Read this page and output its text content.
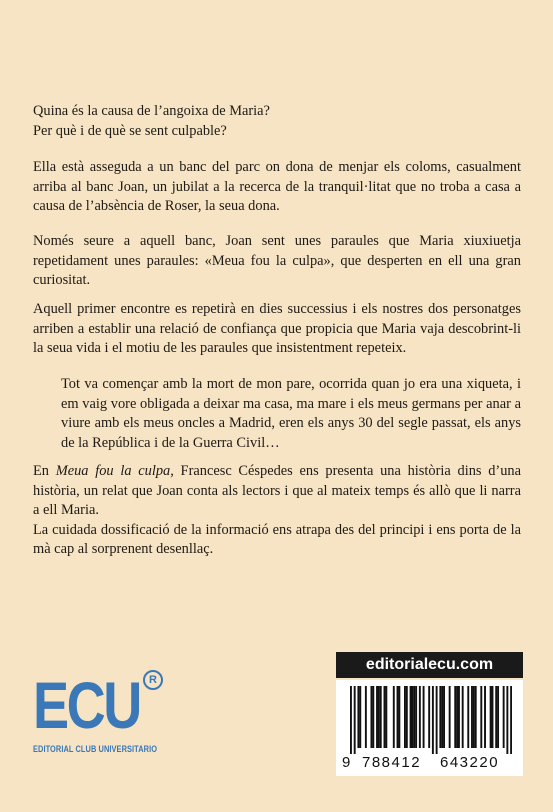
Quina és la causa de l’angoixa de Maria?

Per què i de què se sent culpable?

Ella està asseguda a un banc del parc on dona de menjar els coloms, casualment arriba al banc Joan, un jubilat a la recerca de la tranquil·litat que no troba a casa a causa de l’absència de Roser, la seua dona.

Només seure a aquell banc, Joan sent unes paraules que Maria xiuxiuetja repetidament unes paraules: «Meua fou la culpa», que desperten en ell una gran curiositat.

Aquell primer encontre es repetirà en dies successius i els nostres dos personatges arriben a establir una relació de confiança que propicia que Maria vaja descobrint-li la seua vida i el motiu de les paraules que insistentment repeteix.

Tot va començar amb la mort de mon pare, ocorrida quan jo era una xiqueta, i em vaig vore obligada a deixar ma casa, ma mare i els meus germans per anar a viure amb els meus oncles a Madrid, eren els anys 30 del segle passat, els anys de la República i de la Guerra Civil…

En Meua fou la culpa, Francesc Céspedes ens presenta una història dins d’una història, un relat que Joan conta als lectors i que al mateix temps és allò que li narra a ell Maria.

La cuidada dossificació de la informació ens atrapa des del principi i ens porta de la mà cap al sorprenent desenllaç.

ECU R
EDITORIAL CLUB UNIVERSITARIO
editorialecu.com
9 788412 643220
